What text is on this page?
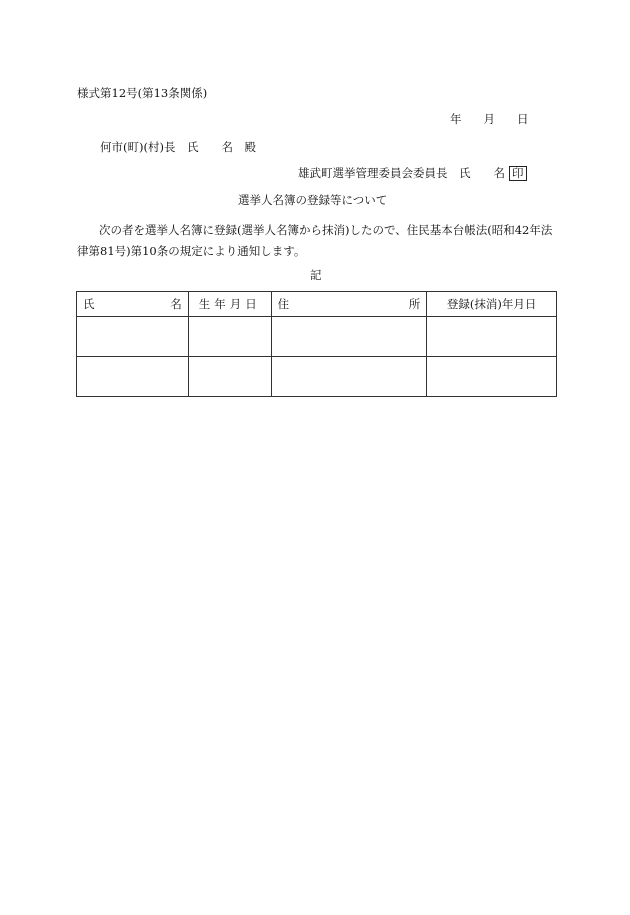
様式第12号(第13条関係)
年 月 日
何市(町)(村)長　氏　　名　殿
雄武町選挙管理委員会委員長　氏　　名 印
選挙人名簿の登録等について
次の者を選挙人名簿に登録(選挙人名簿から抹消)したので、住民基本台帳法(昭和42年法律第81号)第10条の規定により通知します。
記
氏 名	生年月日	住 所	登録(抹消)年月日
